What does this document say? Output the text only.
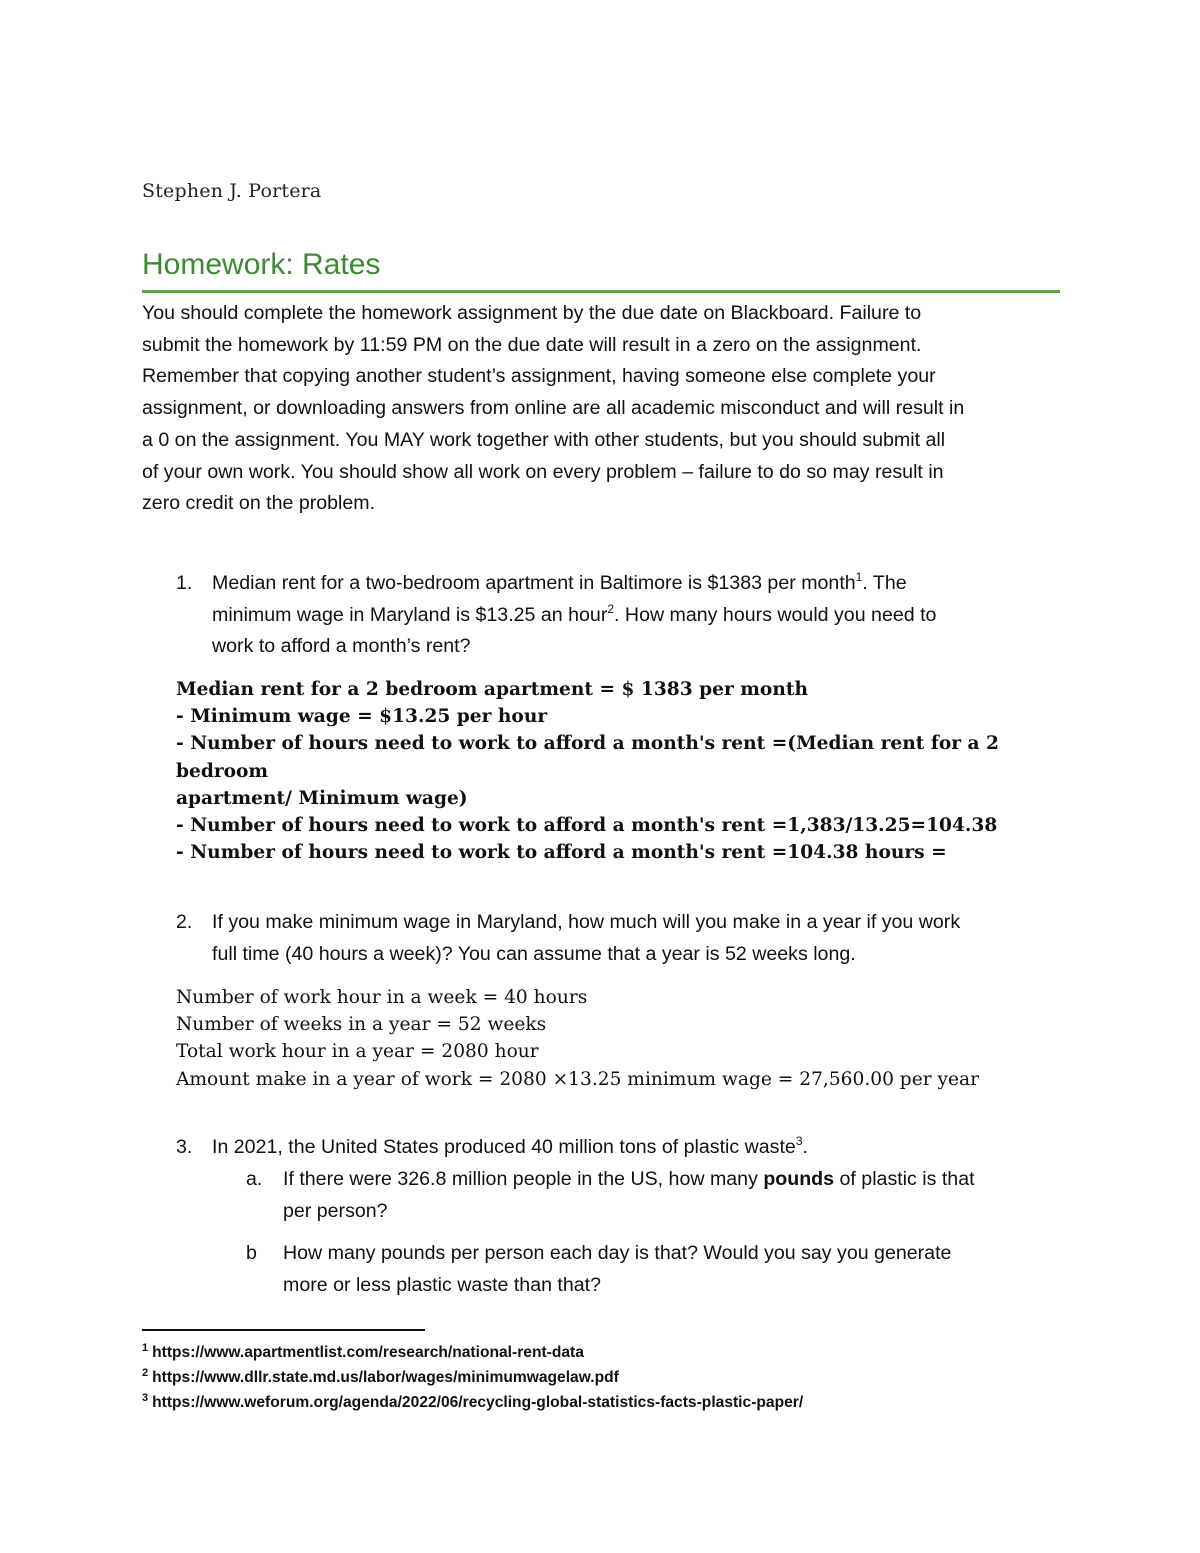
Stephen J. Portera
Homework: Rates
You should complete the homework assignment by the due date on Blackboard. Failure to
submit the homework by 11:59 PM on the due date will result in a zero on the assignment.
Remember that copying another student’s assignment, having someone else complete your
assignment, or downloading answers from online are all academic misconduct and will result in
a 0 on the assignment. You MAY work together with other students, but you should submit all
of your own work. You should show all work on every problem – failure to do so may result in
zero credit on the problem.
1. Median rent for a two-bedroom apartment in Baltimore is $1383 per month$^1$. The
minimum wage in Maryland is $13.25 an hour$^2$. How many hours would you need to
work to afford a month’s rent?
Median rent for a 2 bedroom apartment = $ 1383 per month
- Minimum wage = $13.25 per hour
- Number of hours need to work to afford a month's rent =(Median rent for a 2
bedroom
apartment/ Minimum wage)
- Number of hours need to work to afford a month's rent =1,383/13.25=104.38
- Number of hours need to work to afford a month's rent =104.38 hours =
2. If you make minimum wage in Maryland, how much will you make in a year if you work
full time (40 hours a week)? You can assume that a year is 52 weeks long.
Number of work hour in a week = 40 hours
Number of weeks in a year = 52 weeks
Total work hour in a year = 2080 hour
Amount make in a year of work = 2080 ×13.25 minimum wage = 27,560.00 per year
3. In 2021, the United States produced 40 million tons of plastic waste$^3$.
a. If there were 326.8 million people in the US, how many pounds of plastic is that
per person?
b How many pounds per person each day is that? Would you say you generate
more or less plastic waste than that?
$^1$ https://www.apartmentlist.com/research/national-rent-data
$^2$ https://www.dllr.state.md.us/labor/wages/minimumwagelaw.pdf
$^3$ https://www.weforum.org/agenda/2022/06/recycling-global-statistics-facts-plastic-paper/
